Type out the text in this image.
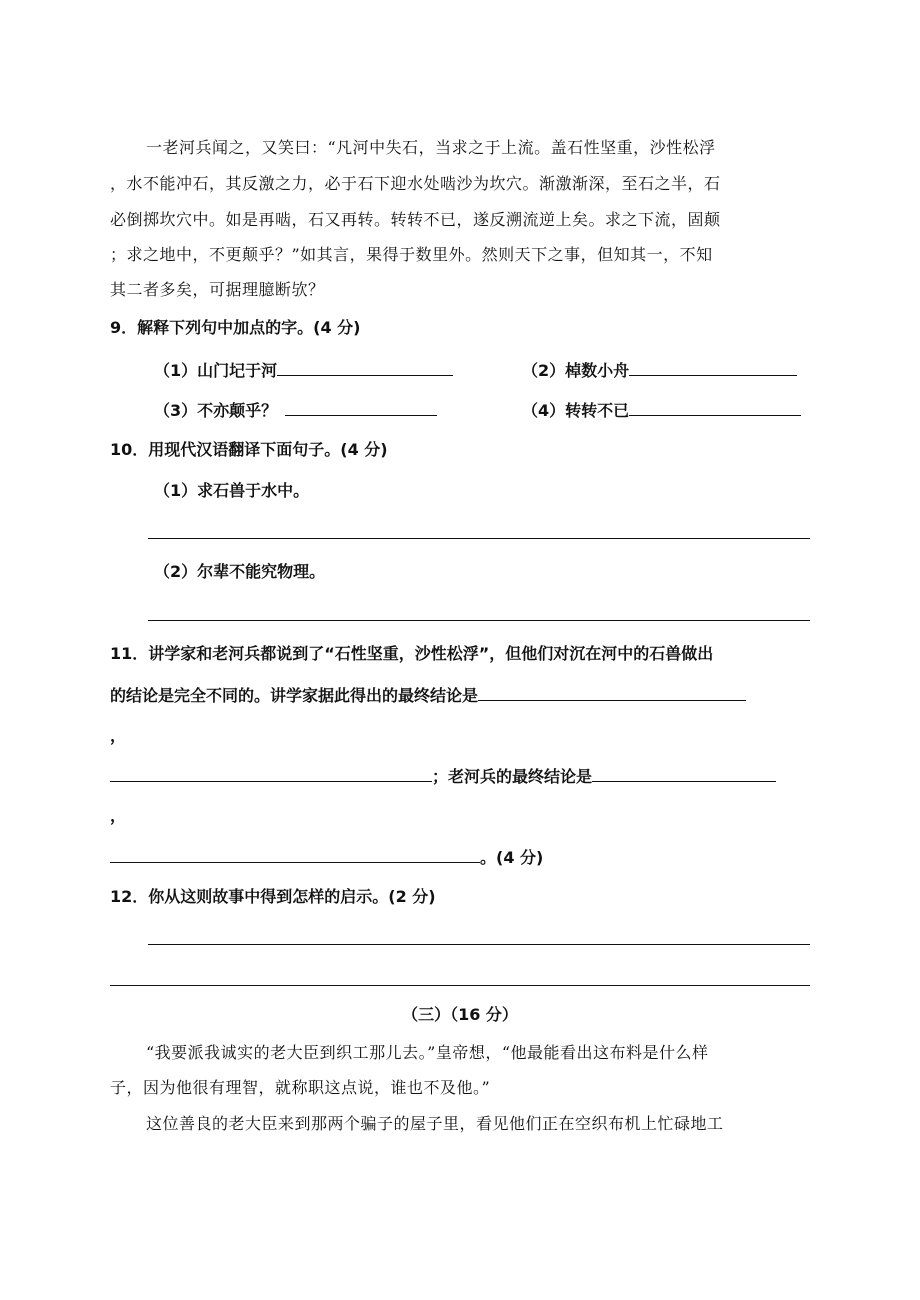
一老河兵闻之，又笑曰：“凡河中失石，当求之于上流。盖石性坚重，沙性松浮
，水不能冲石，其反激之力，必于石下迎水处啮沙为坎穴。渐激渐深，至石之半，石
必倒掷坎穴中。如是再啮，石又再转。转转不已，遂反溯流逆上矣。求之下流，固颠
；求之地中，不更颠乎？”如其言，果得于数里外。然则天下之事，但知其一，不知
其二者多矣，可据理臆断欤？
9．解释下列句中加点的字。(4 分)
（1）山门圮于河	（2）棹数小舟
（3）不亦颠乎？	（4）转转不已
10．用现代汉语翻译下面句子。(4 分)
（1）求石兽于水中。
（2）尔辈不能究物理。
11．讲学家和老河兵都说到了“石性坚重，沙性松浮”，但他们对沉在河中的石兽做出
的结论是完全不同的。讲学家据此得出的最终结论是
，
；老河兵的最终结论是
，
。(4 分)
12．你从这则故事中得到怎样的启示。(2 分)
（三）（16 分）
“我要派我诚实的老大臣到织工那儿去。”皇帝想，“他最能看出这布料是什么样
子，因为他很有理智，就称职这点说，谁也不及他。”
这位善良的老大臣来到那两个骗子的屋子里，看见他们正在空织布机上忙碌地工
